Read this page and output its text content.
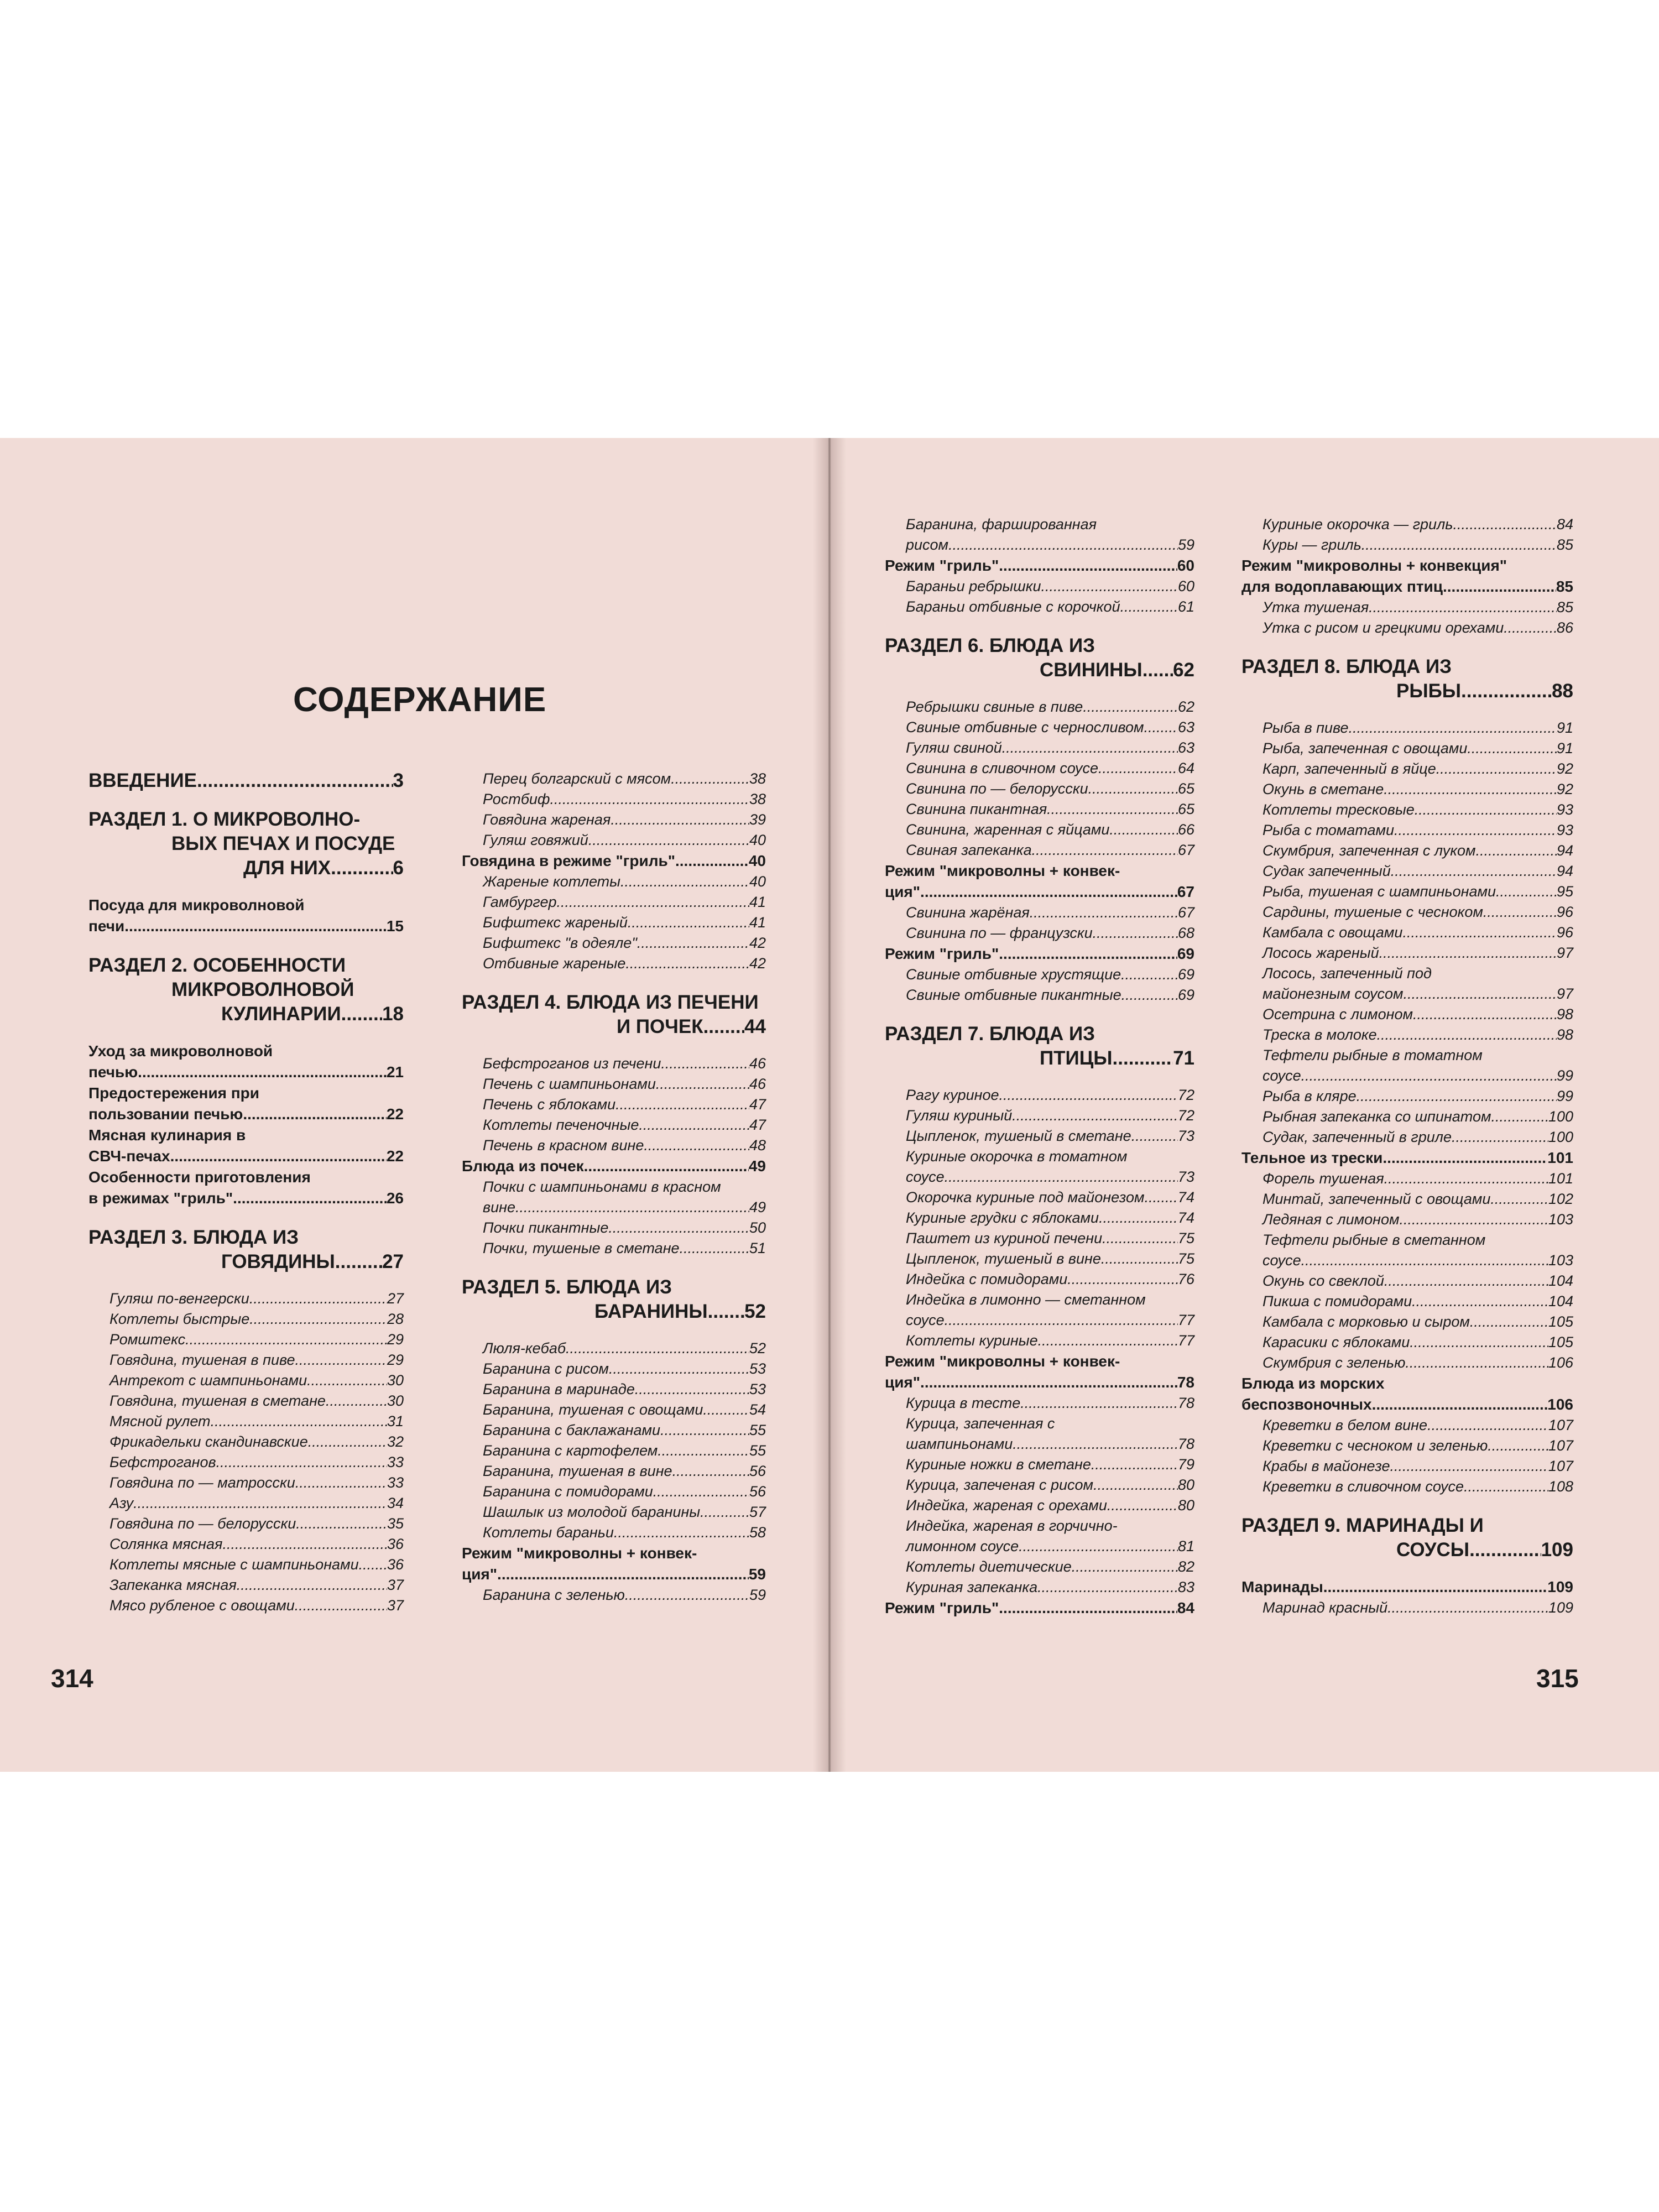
СОДЕРЖАНИЕ
ВВЕДЕНИЕ .....	3
РАЗДЕЛ 1. О МИКРОВОЛНО-
ВЫХ ПЕЧАХ И ПОСУДЕ
ДЛЯ НИХ .....	6
Посуда для микроволновой
печи .....	15
РАЗДЕЛ 2. ОСОБЕННОСТИ
МИКРОВОЛНОВОЙ
КУЛИНАРИИ ..... 18
Уход за микроволновой
печью .....	21
Предостережения при
пользовании печью .....	22
Мясная кулинария в
СВЧ-печах .....	22
Особенности приготовления
в режимах "гриль" .....	26
РАЗДЕЛ 3. БЛЮДА ИЗ
ГОВЯДИНЫ ..... 27
Гуляш по-венгерски .....	27
Котлеты быстрые .....	28
Ромштекс .....	29
Говядина, тушеная в пиве .....	29
Антрекот с шампиньонами .....	30
Говядина, тушеная в сметане .....	30
Мясной рулет .....	31
Фрикадельки скандинавские .....	32
Бефстроганов .....	33
Говядина по — матросски .....	33
Азу .....	34
Говядина по — белорусски .....	35
Солянка мясная .....	36
Котлеты мясные с шампиньонами ..... 36
Запеканка мясная .....	37
Мясо рубленое с овощами .....	37
Перец болгарский с мясом .....	38
Ростбиф .....	38
Говядина жареная .....	39
Гуляш говяжий .....	40
Говядина в режиме "гриль" .....	40
Жареные котлеты .....	40
Гамбургер .....	41
Бифштекс жареный .....	41
Бифштекс "в одеяле" .....	42
Отбивные жареные .....	42
РАЗДЕЛ 4. БЛЮДА ИЗ ПЕЧЕНИ
И ПОЧЕК ..... 44
Бефстроганов из печени .....	46
Печень с шампиньонами .....	46
Печень с яблоками .....	47
Котлеты печеночные .....	47
Печень в красном вине .....	48
Блюда из почек .....	49
Почки с шампиньонами в красном
вине .....	49
Почки пикантные .....	50
Почки, тушеные в сметане .....	51
РАЗДЕЛ 5. БЛЮДА ИЗ
БАРАНИНЫ ..... 52
Люля-кебаб .....	52
Баранина с рисом .....	53
Баранина в маринаде .....	53
Баранина, тушеная с овощами .....	54
Баранина с баклажанами .....	55
Баранина с картофелем .....	55
Баранина, тушеная в вине .....	56
Баранина с помидорами .....	56
Шашлык из молодой баранины .....	57
Котлеты бараньи .....	58
Режим "микроволны + конвек-
ция" .....	59
Баранина с зеленью .....	59
Баранина, фаршированная
рисом .....	59
Режим "гриль" .....	60
Бараньи ребрышки .....	60
Бараньи отбивные с корочкой .....	61
РАЗДЕЛ 6. БЛЮДА ИЗ
СВИНИНЫ ..... 62
Ребрышки свиные в пиве .....	62
Свиные отбивные с черносливом ..... 63
Гуляш свиной .....	63
Свинина в сливочном соусе .....	64
Свинина по — белорусски .....	65
Свинина пикантная .....	65
Свинина, жаренная с яйцами .....	66
Свиная запеканка .....	67
Режим "микроволны + конвек-
ция" .....	67
Свинина жарёная .....	67
Свинина по — французски .....	68
Режим "гриль" .....	69
Свиные отбивные хрустящие .....	69
Свиные отбивные пикантные .....	69
РАЗДЕЛ 7. БЛЮДА ИЗ
ПТИЦЫ .....	71
Рагу куриное .....	72
Гуляш куриный .....	72
Цыпленок, тушеный в сметане .....	73
Куриные окорочка в томатном
соусе .....	73
Окорочка куриные под майонезом ..... 74
Куриные грудки с яблоками .....	74
Паштет из куриной печени .....	75
Цыпленок, тушеный в вине .....	75
Индейка с помидорами .....	76
Индейка в лимонно — сметанном
соусе .....	77
Котлеты куриные .....	77
Режим "микроволны + конвек-
ция" .....	78
Курица в тесте .....	78
Курица, запеченная с
шампиньонами .....	78
Куриные ножки в сметане .....	79
Курица, запеченая с рисом .....	80
Индейка, жареная с орехами .....	80
Индейка, жареная в горчично-
лимонном соусе .....	81
Котлеты диетические .....	82
Куриная запеканка .....	83
Режим "гриль" .....	84
Куриные окорочка — гриль .....	84
Куры — гриль .....	85
Режим "микроволны + конвекция"
для водоплавающих птиц .....	85
Утка тушеная .....	85
Утка с рисом и грецкими орехами .....	86
РАЗДЕЛ 8. БЛЮДА ИЗ
РЫБЫ .....	88
Рыба в пиве .....	91
Рыба, запеченная с овощами .....	91
Карп, запеченный в яйце .....	92
Окунь в сметане .....	92
Котлеты тресковые .....	93
Рыба с томатами .....	93
Скумбрия, запеченная с луком .....	94
Судак запеченный .....	94
Рыба, тушеная с шампиньонами .....	95
Сардины, тушеные с чесноком .....	96
Камбала с овощами .....	96
Лосось жареный .....	97
Лосось, запеченный под
майонезным соусом .....	97
Осетрина с лимоном .....	98
Треска в молоке .....	98
Тефтели рыбные в томатном
соусе .....	99
Рыба в кляре .....	99
Рыбная запеканка со шпинатом .....	100
Судак, запеченный в гриле .....	100
Тельное из трески .....	101
Форель тушеная .....	101
Минтай, запеченный с овощами .....	102
Ледяная с лимоном .....	103
Тефтели рыбные в сметанном
соусе .....	103
Окунь со свеклой .....	104
Пикша с помидорами .....	104
Камбала с морковью и сыром .....	105
Карасики с яблоками .....	105
Скумбрия с зеленью .....	106
Блюда из морских
беспозвоночных .....	106
Креветки в белом вине .....	107
Креветки с чесноком и зеленью .....	107
Крабы в майонезе .....	107
Креветки в сливочном соусе .....	108
РАЗДЕЛ 9. МАРИНАДЫ И
СОУСЫ .....	109
Маринады .....	109
Маринад красный .....	109
314	315
